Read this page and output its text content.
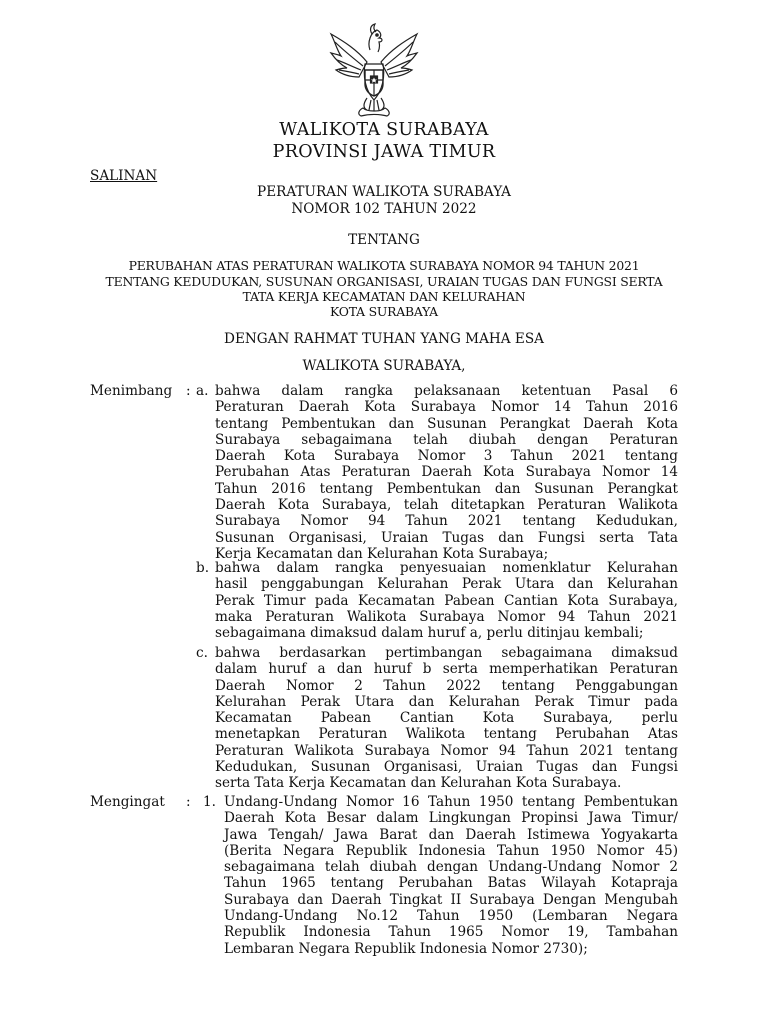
WALIKOTA SURABAYA
PROVINSI JAWA TIMUR
SALINAN
PERATURAN WALIKOTA SURABAYA
NOMOR 102 TAHUN 2022
TENTANG
PERUBAHAN ATAS PERATURAN WALIKOTA SURABAYA NOMOR 94 TAHUN 2021
TENTANG KEDUDUKAN, SUSUNAN ORGANISASI, URAIAN TUGAS DAN FUNGSI SERTA
TATA KERJA KECAMATAN DAN KELURAHAN
KOTA SURABAYA
DENGAN RAHMAT TUHAN YANG MAHA ESA
WALIKOTA SURABAYA,
Menimbang : a. bahwa dalam rangka pelaksanaan ketentuan Pasal 6
Peraturan Daerah Kota Surabaya Nomor 14 Tahun 2016
tentang Pembentukan dan Susunan Perangkat Daerah Kota
Surabaya sebagaimana telah diubah dengan Peraturan
Daerah Kota Surabaya Nomor 3 Tahun 2021 tentang
Perubahan Atas Peraturan Daerah Kota Surabaya Nomor 14
Tahun 2016 tentang Pembentukan dan Susunan Perangkat
Daerah Kota Surabaya, telah ditetapkan Peraturan Walikota
Surabaya Nomor 94 Tahun 2021 tentang Kedudukan,
Susunan Organisasi, Uraian Tugas dan Fungsi serta Tata
Kerja Kecamatan dan Kelurahan Kota Surabaya;
b. bahwa dalam rangka penyesuaian nomenklatur Kelurahan
hasil penggabungan Kelurahan Perak Utara dan Kelurahan
Perak Timur pada Kecamatan Pabean Cantian Kota Surabaya,
maka Peraturan Walikota Surabaya Nomor 94 Tahun 2021
sebagaimana dimaksud dalam huruf a, perlu ditinjau kembali;
c. bahwa berdasarkan pertimbangan sebagaimana dimaksud
dalam huruf a dan huruf b serta memperhatikan Peraturan
Daerah Nomor 2 Tahun 2022 tentang Penggabungan
Kelurahan Perak Utara dan Kelurahan Perak Timur pada
Kecamatan Pabean Cantian Kota Surabaya, perlu
menetapkan Peraturan Walikota tentang Perubahan Atas
Peraturan Walikota Surabaya Nomor 94 Tahun 2021 tentang
Kedudukan, Susunan Organisasi, Uraian Tugas dan Fungsi
serta Tata Kerja Kecamatan dan Kelurahan Kota Surabaya.
Mengingat : 1. Undang-Undang Nomor 16 Tahun 1950 tentang Pembentukan
Daerah Kota Besar dalam Lingkungan Propinsi Jawa Timur/
Jawa Tengah/ Jawa Barat dan Daerah Istimewa Yogyakarta
(Berita Negara Republik Indonesia Tahun 1950 Nomor 45)
sebagaimana telah diubah dengan Undang-Undang Nomor 2
Tahun 1965 tentang Perubahan Batas Wilayah Kotapraja
Surabaya dan Daerah Tingkat II Surabaya Dengan Mengubah
Undang-Undang No.12 Tahun 1950 (Lembaran Negara
Republik Indonesia Tahun 1965 Nomor 19, Tambahan
Lembaran Negara Republik Indonesia Nomor 2730);
